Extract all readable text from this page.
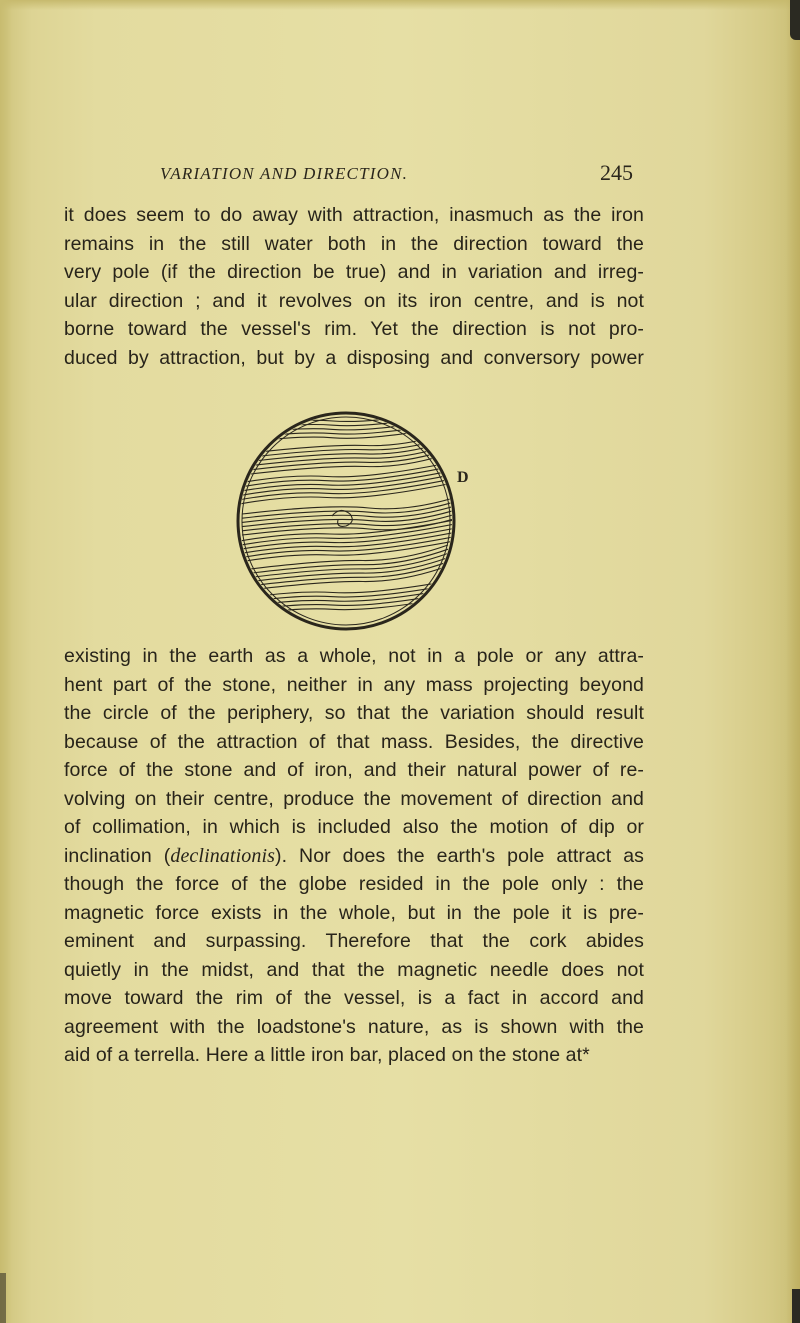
VARIATION AND DIRECTION.	245
it does seem to do away with attraction, inasmuch as the iron
remains in the still water both in the direction toward the
very pole (if the direction be true) and in variation and irreg-
ular direction ; and it revolves on its iron centre, and is not
borne toward the vessel's rim. Yet the direction is not pro-
duced by attraction, but by a disposing and conversory power
D
existing in the earth as a whole, not in a pole or any attra-
hent part of the stone, neither in any mass projecting beyond
the circle of the periphery, so that the variation should result
because of the attraction of that mass. Besides, the directive
force of the stone and of iron, and their natural power of re-
volving on their centre, produce the movement of direction and
of collimation, in which is included also the motion of dip or
inclination (declinationis). Nor does the earth's pole attract as
though the force of the globe resided in the pole only : the
magnetic force exists in the whole, but in the pole it is pre-
eminent and surpassing. Therefore that the cork abides
quietly in the midst, and that the magnetic needle does not
move toward the rim of the vessel, is a fact in accord and
agreement with the loadstone's nature, as is shown with the
aid of a terrella. Here a little iron bar, placed on the stone at*
